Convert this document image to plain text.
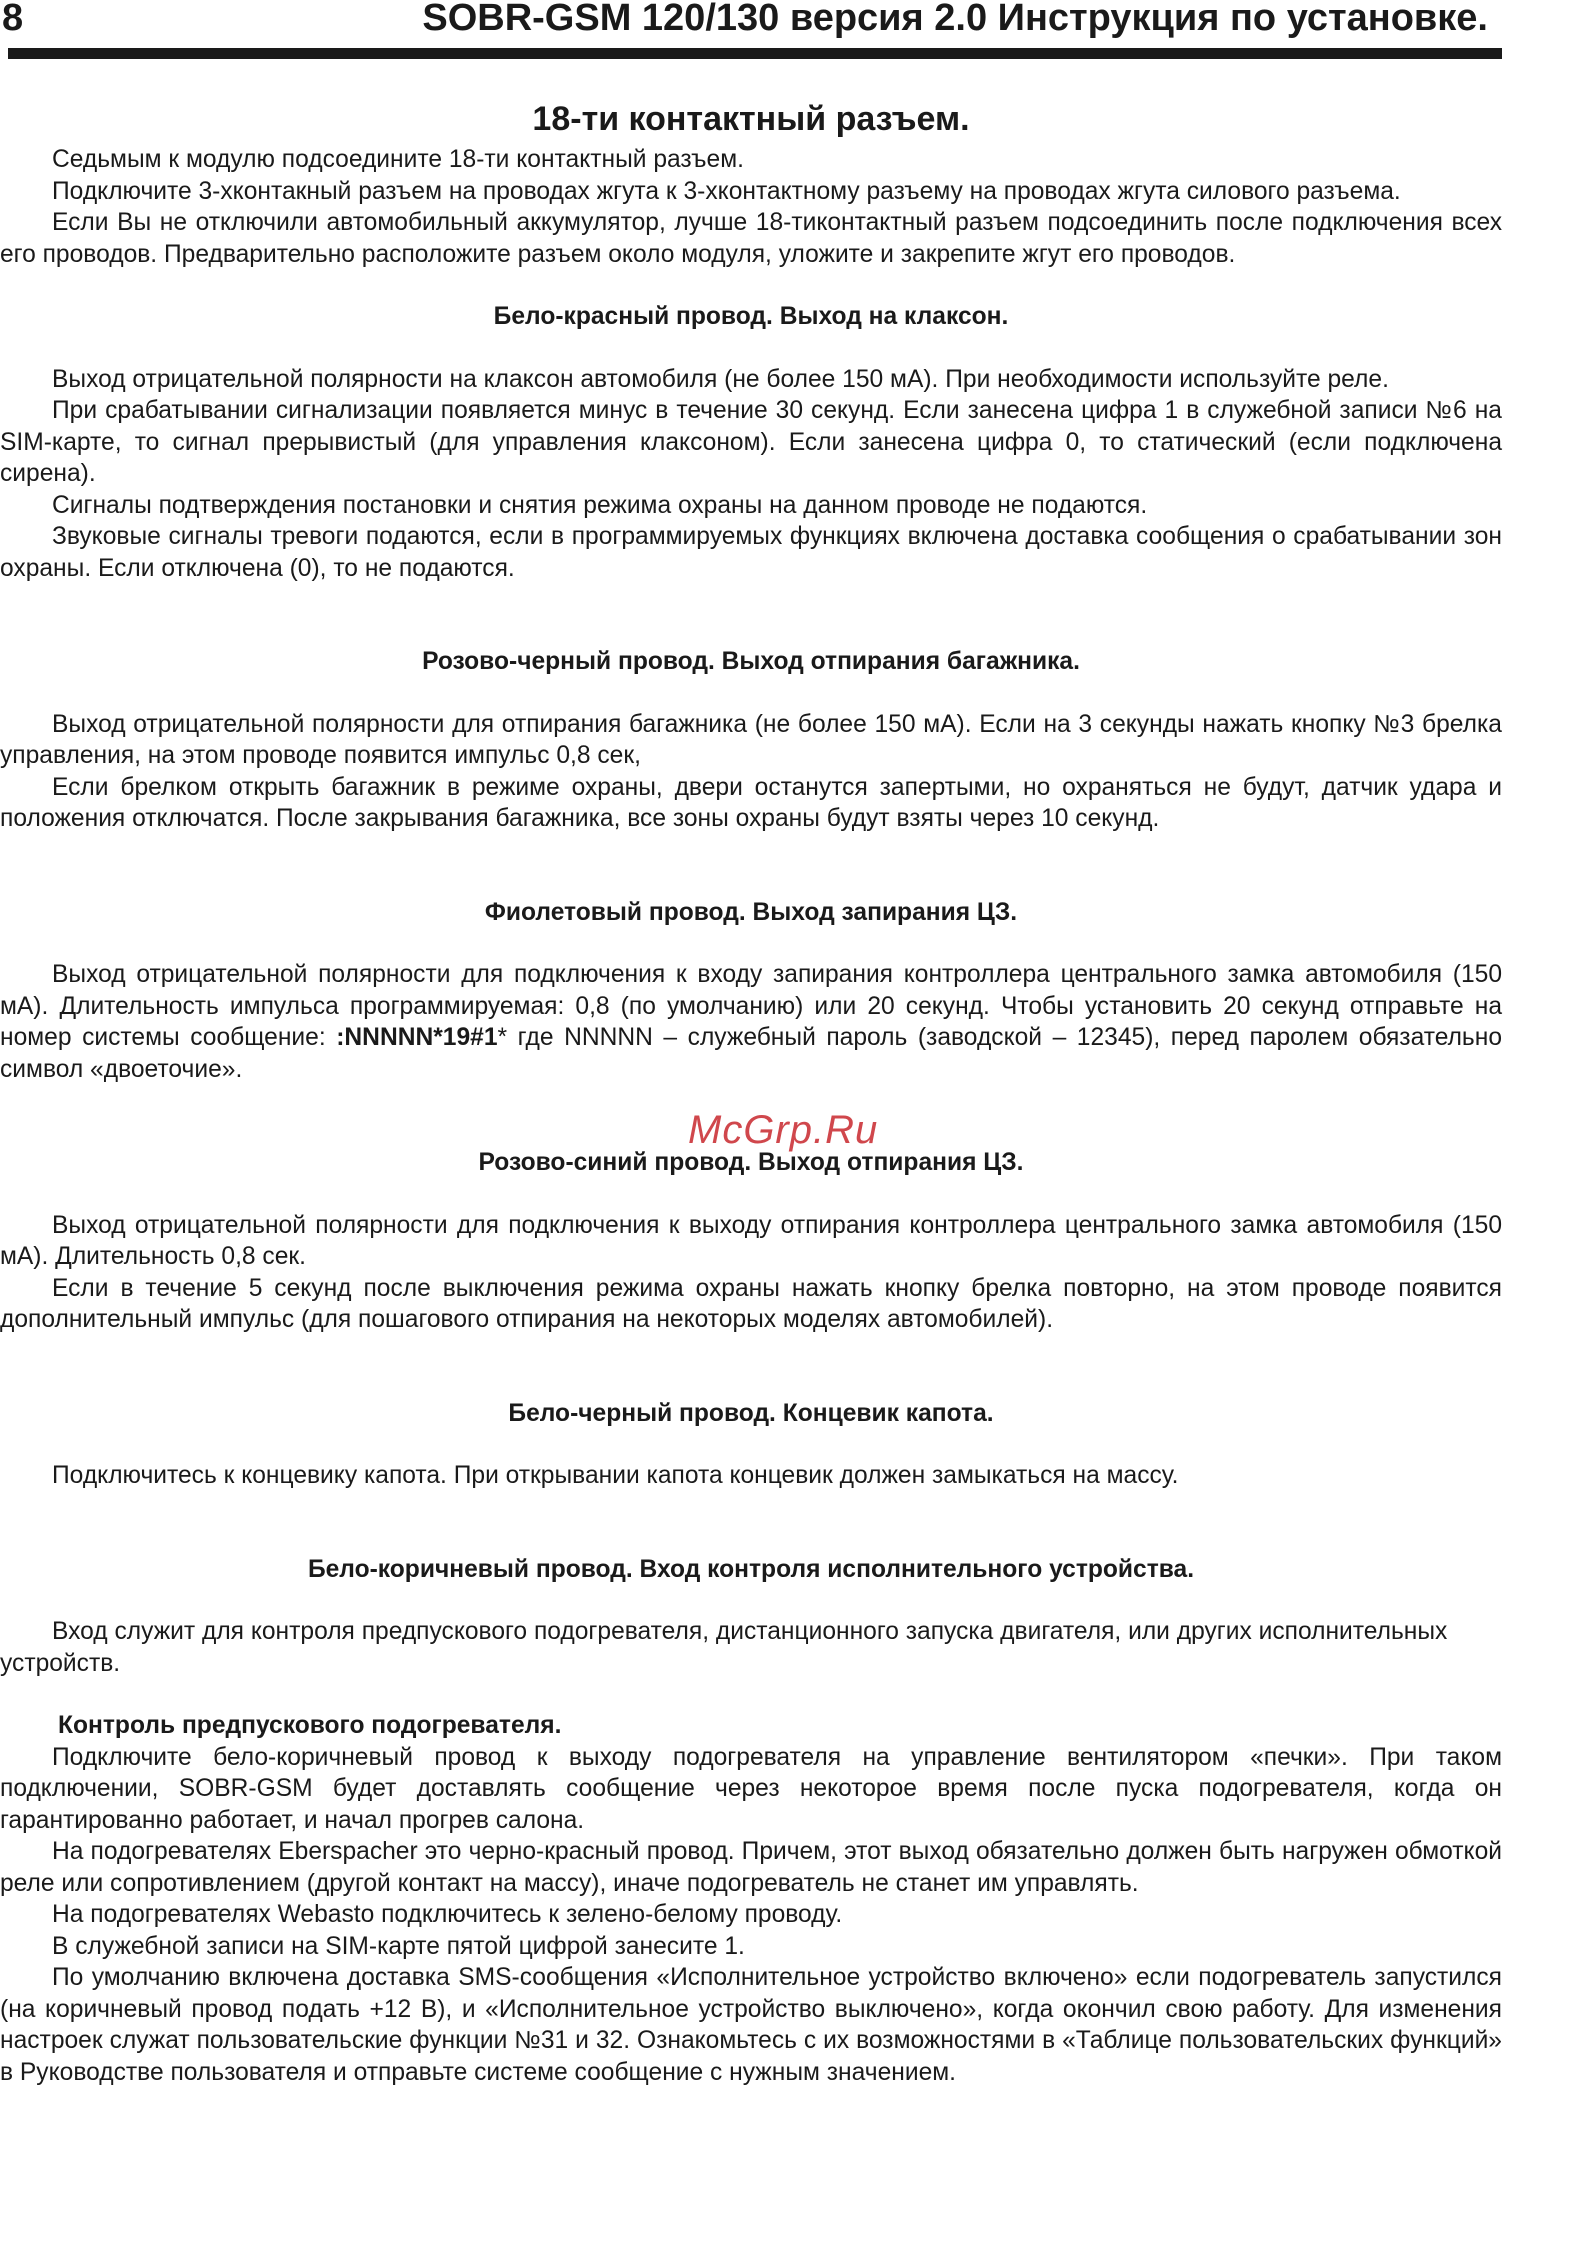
8	SOBR-GSM 120/130 версия 2.0 Инструкция по установке.
18-ти контактный разъем.

Седьмым к модулю подсоедините 18-ти контактный разъем.

Подключите 3-хконтакный разъем на проводах жгута к 3-хконтактному разъему на проводах жгута силового разъема.

Если Вы не отключили автомобильный аккумулятор, лучше 18-тиконтактный разъем подсоединить после подключения всех его проводов. Предварительно расположите разъем около модуля, уложите и закрепите жгут его проводов.

Бело-красный провод. Выход на клаксон.

Выход отрицательной полярности на клаксон автомобиля (не более 150 мА). При необходимости используйте реле.

При срабатывании сигнализации появляется минус в течение 30 секунд. Если занесена цифра 1 в служебной записи №6 на SIM-карте, то сигнал прерывистый (для управления клаксоном). Если занесена цифра 0, то статический (если подключена сирена).

Сигналы подтверждения постановки и снятия режима охраны на данном проводе не подаются.

Звуковые сигналы тревоги подаются, если в программируемых функциях включена доставка сообщения о срабатывании зон охраны. Если отключена (0), то не подаются.

Розово-черный провод. Выход отпирания багажника.

Выход отрицательной полярности для отпирания багажника (не более 150 мА). Если на 3 секунды нажать кнопку №3 брелка управления, на этом проводе появится импульс 0,8 сек,

Если брелком открыть багажник в режиме охраны, двери останутся запертыми, но охраняться не будут, датчик удара и положения отключатся. После закрывания багажника, все зоны охраны будут взяты через 10 секунд.

Фиолетовый провод. Выход запирания ЦЗ.

Выход отрицательной полярности для подключения к входу запирания контроллера центрального замка автомобиля (150 мА). Длительность импульса программируемая: 0,8 (по умолчанию) или 20 секунд. Чтобы установить 20 секунд отправьте на номер системы сообщение: :NNNNN*19#1* где NNNNN – служебный пароль (заводской – 12345), перед паролем обязательно символ «двоеточие».

Розово-синий провод. Выход отпирания ЦЗ.

Выход отрицательной полярности для подключения к выходу отпирания контроллера центрального замка автомобиля (150 мА). Длительность 0,8 сек.

Если в течение 5 секунд после выключения режима охраны нажать кнопку брелка повторно, на этом проводе появится дополнительный импульс (для пошагового отпирания на некоторых моделях автомобилей).

Бело-черный провод. Концевик капота.

Подключитесь к концевику капота. При открывании капота концевик должен замыкаться на массу.

Бело-коричневый провод. Вход контроля исполнительного устройства.

Вход служит для контроля предпускового подогревателя, дистанционного запуска двигателя, или других исполнительных устройств.

Контроль предпускового подогревателя.

Подключите бело-коричневый провод к выходу подогревателя на управление вентилятором «печки». При таком подключении, SOBR-GSM будет доставлять сообщение через некоторое время после пуска подогревателя, когда он гарантированно работает, и начал прогрев салона.

На подогревателях Eberspacher это черно-красный провод. Причем, этот выход обязательно должен быть нагружен обмоткой реле или сопротивлением (другой контакт на массу), иначе подогреватель не станет им управлять.

На подогревателях Webasto подключитесь к зелено-белому проводу.

В служебной записи на SIM-карте пятой цифрой занесите 1.

По умолчанию включена доставка SMS-сообщения «Исполнительное устройство включено» если подогреватель запустился (на коричневый провод подать +12 В), и «Исполнительное устройство выключено», когда окончил свою работу. Для изменения настроек служат пользовательские функции №31 и 32. Ознакомьтесь с их возможностями в «Таблице пользовательских функций» в Руководстве пользователя и отправьте системе сообщение с нужным значением.

McGrp.Ru
